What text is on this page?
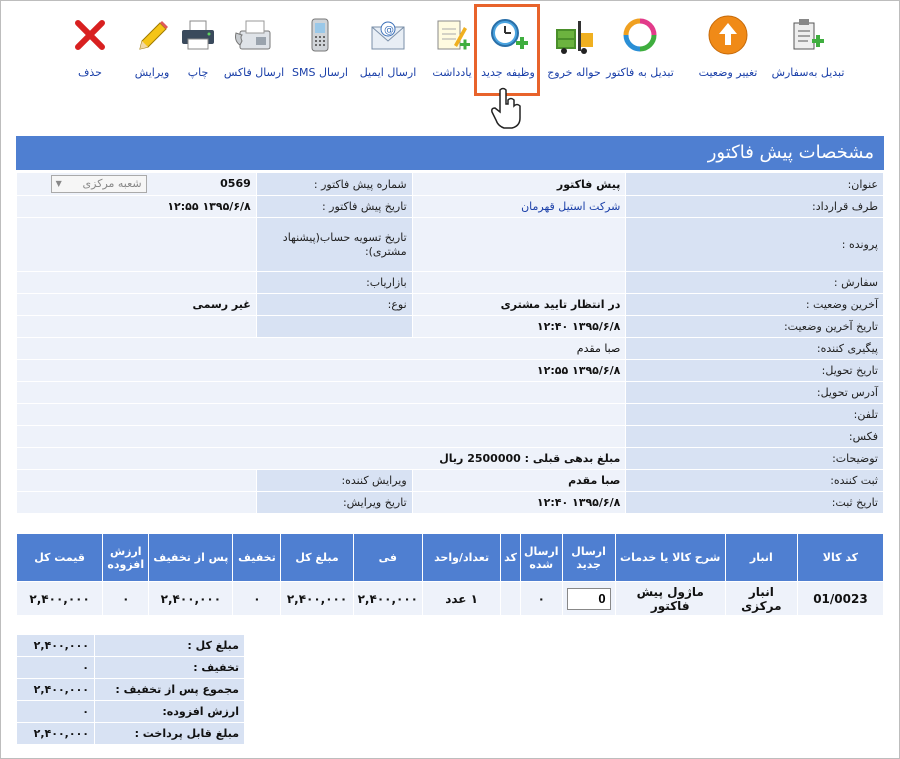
تبدیل به‌سفارش
تغییر وضعیت
تبدیل به فاکتور
حواله خروج
وظیفه جدید
یادداشت
@
ارسال ایمیل
ارسال SMS
ارسال فاکس
چاپ
ویرایش
حذف
مشخصات پیش فاکتور
عنوان:	پیش فاکتور	شماره پیش فاکتور :	0569 شعبه مرکزی
▼

طرف قرارداد:	شرکت استیل قهرمان	تاریخ پیش فاکتور :	۱۳۹۵/۶/۸ ۱۲:۵۵
پرونده :		تاریخ تسویه حساب(پیشنهاد مشتری):	
سفارش :		بازاریاب:	
آخرین وضعیت :	در انتظار تایید مشتری	نوع:	غیر رسمی
تاریخ آخرین وضعیت:	۱۳۹۵/۶/۸ ۱۲:۴۰		
پیگیری کننده:	صبا مقدم		
تاریخ تحویل:	۱۳۹۵/۶/۸ ۱۲:۵۵		
آدرس تحویل:			
تلفن:			
فکس:			
توضیحات:	مبلغ بدهی قبلی : 2500000 ریال		
ثبت کننده:	صبا مقدم	ویرایش کننده:	
تاریخ ثبت:	۱۳۹۵/۶/۸ ۱۲:۴۰	تاریخ ویرایش:	
کد کالا	انبار	شرح کالا یا خدمات	ارسال جدید	ارسال شده	کد	تعداد/واحد	فی	مبلغ کل	تخفیف	پس از تخفیف	ارزش افزوده	قیمت کل
01/0023	انبار مرکزی	ماژول پیش فاکتور	0	۰		۱ عدد	۲,۴۰۰,۰۰۰	۲,۴۰۰,۰۰۰	۰	۲,۴۰۰,۰۰۰	۰	۲,۴۰۰,۰۰۰
مبلغ کل :	۲,۴۰۰,۰۰۰
تخفیف :	۰
مجموع پس از تخفیف :	۲,۴۰۰,۰۰۰
ارزش افزوده:	۰
مبلغ قابل پرداخت :	۲,۴۰۰,۰۰۰
